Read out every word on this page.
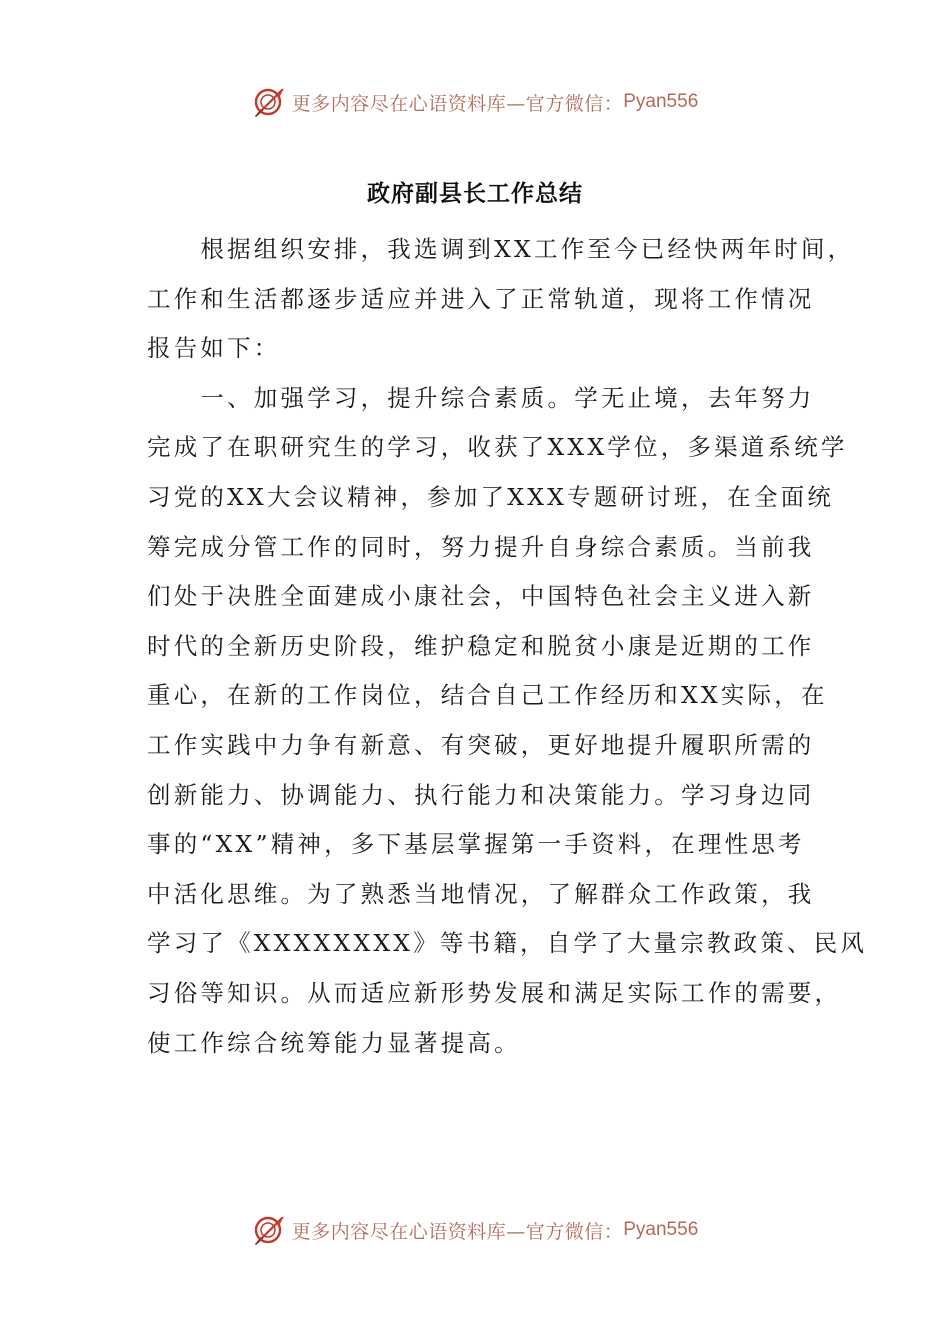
更多内容尽在心语资料库—官方微信： Pyan556
政府副县长工作总结
　　根据组织安排，我选调到XX工作至今已经快两年时间，
工作和生活都逐步适应并进入了正常轨道，现将工作情况
报告如下：
　　一、加强学习，提升综合素质。学无止境，去年努力
完成了在职研究生的学习，收获了XXX学位，多渠道系统学
习党的XX大会议精神，参加了XXX专题研讨班，在全面统
筹完成分管工作的同时，努力提升自身综合素质。当前我
们处于决胜全面建成小康社会，中国特色社会主义进入新
时代的全新历史阶段，维护稳定和脱贫小康是近期的工作
重心，在新的工作岗位，结合自己工作经历和XX实际，在
工作实践中力争有新意、有突破，更好地提升履职所需的
创新能力、协调能力、执行能力和决策能力。学习身边同
事的“XX”精神，多下基层掌握第一手资料，在理性思考
中活化思维。为了熟悉当地情况，了解群众工作政策，我
学习了《XXXXXXXX》等书籍，自学了大量宗教政策、民风
习俗等知识。从而适应新形势发展和满足实际工作的需要，
使工作综合统筹能力显著提高。
更多内容尽在心语资料库—官方微信： Pyan556
